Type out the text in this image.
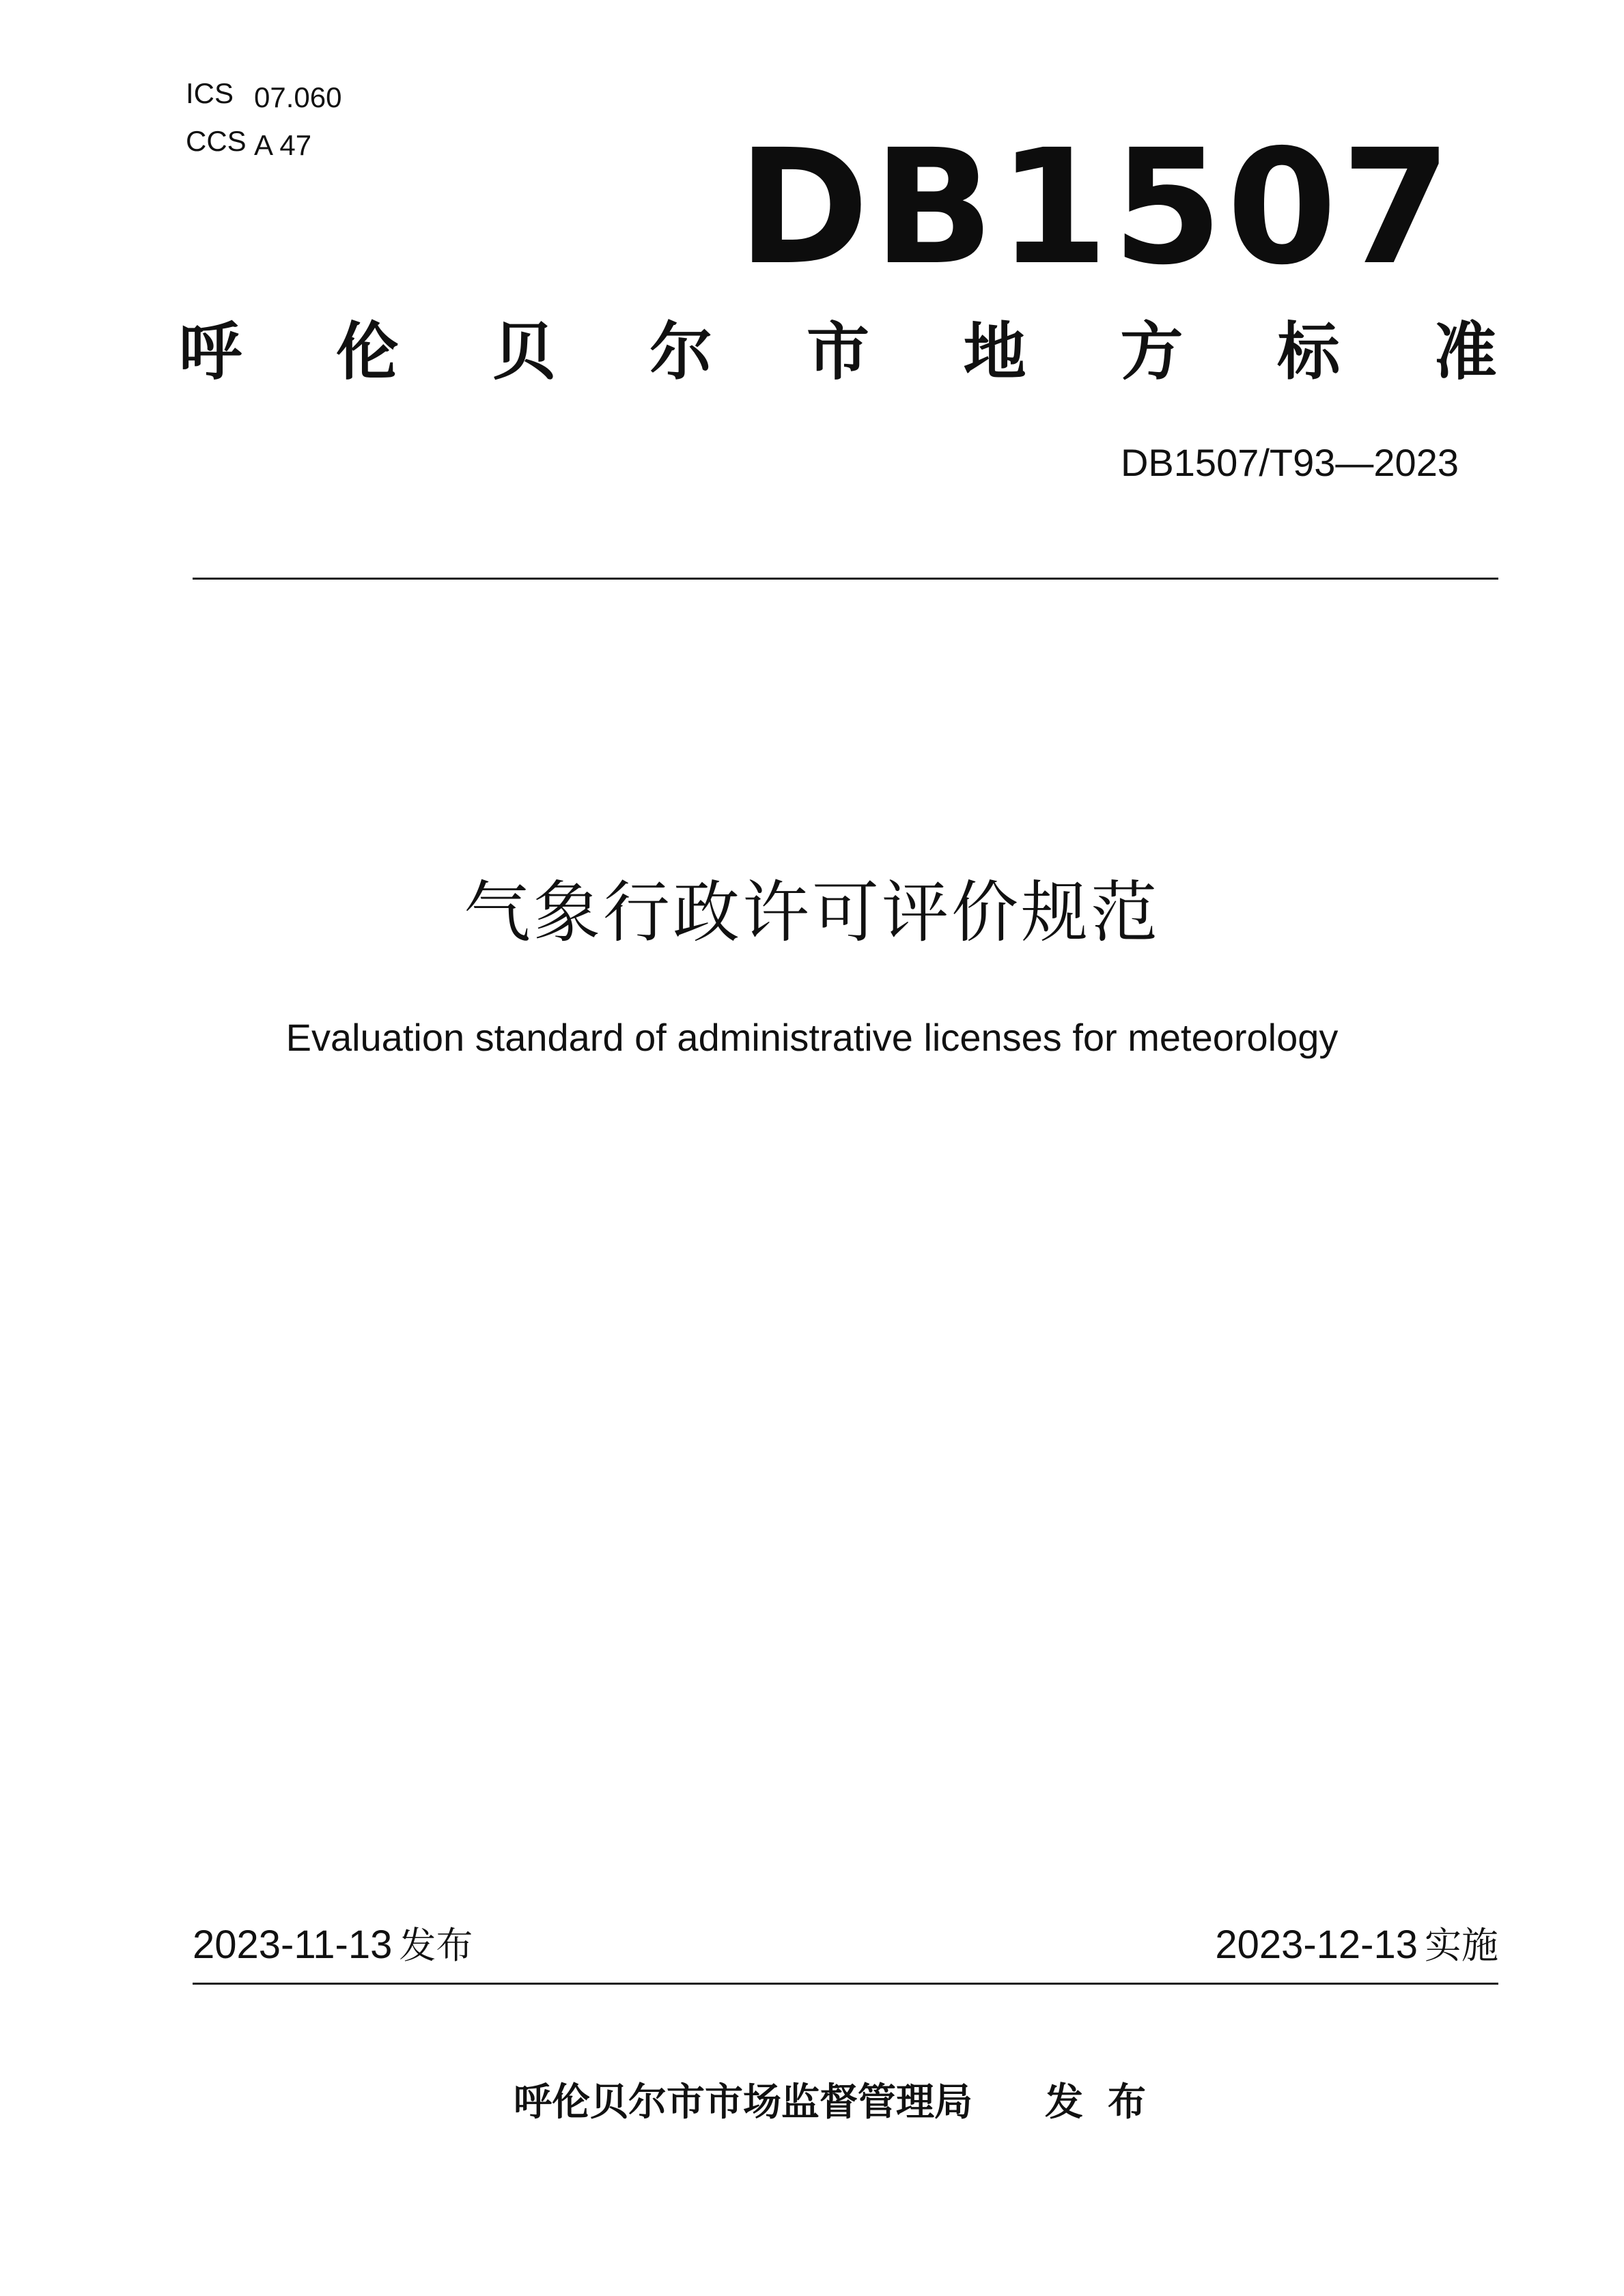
ICS 07.060
CCS A 47	DB1507
呼 伦 贝 尔 市 地 方 标 准
DB1507/T93—2023
气象行政许可评价规范
Evaluation standard of administrative licenses for meteorology
2023-11-13 发布	2023-12-13 实施
呼伦贝尔市市场监督管理局 发布
